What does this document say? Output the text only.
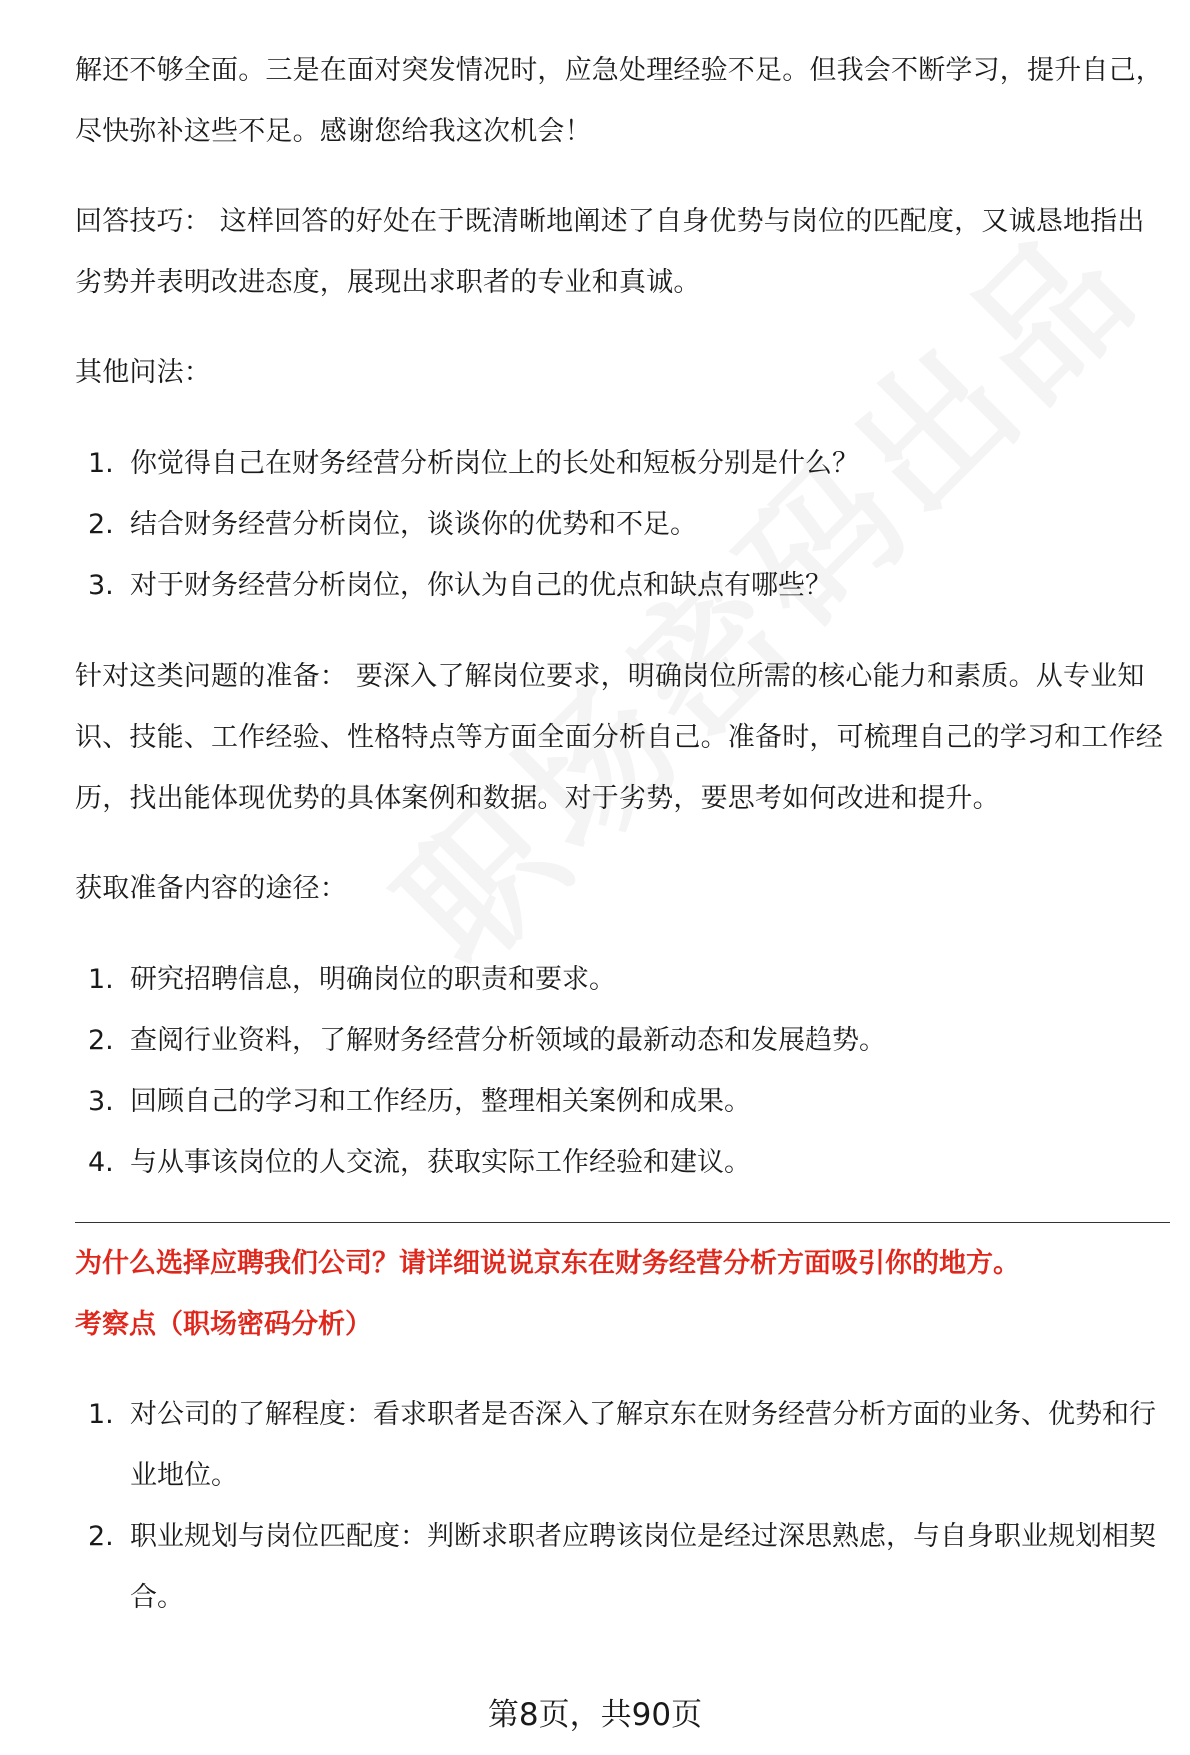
解还不够全面。三是在面对突发情况时，应急处理经验不足。但我会不断学习，提升自己，尽快弥补这些不足。感谢您给我这次机会！

回答技巧： 这样回答的好处在于既清晰地阐述了自身优势与岗位的匹配度，又诚恳地指出劣势并表明改进态度，展现出求职者的专业和真诚。

其他问法：

1. 你觉得自己在财务经营分析岗位上的长处和短板分别是什么？
2. 结合财务经营分析岗位，谈谈你的优势和不足。
3. 对于财务经营分析岗位，你认为自己的优点和缺点有哪些？

针对这类问题的准备： 要深入了解岗位要求，明确岗位所需的核心能力和素质。从专业知识、技能、工作经验、性格特点等方面全面分析自己。准备时，可梳理自己的学习和工作经历，找出能体现优势的具体案例和数据。对于劣势，要思考如何改进和提升。

获取准备内容的途径：

1. 研究招聘信息，明确岗位的职责和要求。
2. 查阅行业资料，了解财务经营分析领域的最新动态和发展趋势。
3. 回顾自己的学习和工作经历，整理相关案例和成果。
4. 与从事该岗位的人交流，获取实际工作经验和建议。

为什么选择应聘我们公司？请详细说说京东在财务经营分析方面吸引你的地方。

考察点（职场密码分析）

1. 对公司的了解程度：看求职者是否深入了解京东在财务经营分析方面的业务、优势和行业地位。
2. 职业规划与岗位匹配度：判断求职者应聘该岗位是经过深思熟虑，与自身职业规划相契合。
第8页，共90页
